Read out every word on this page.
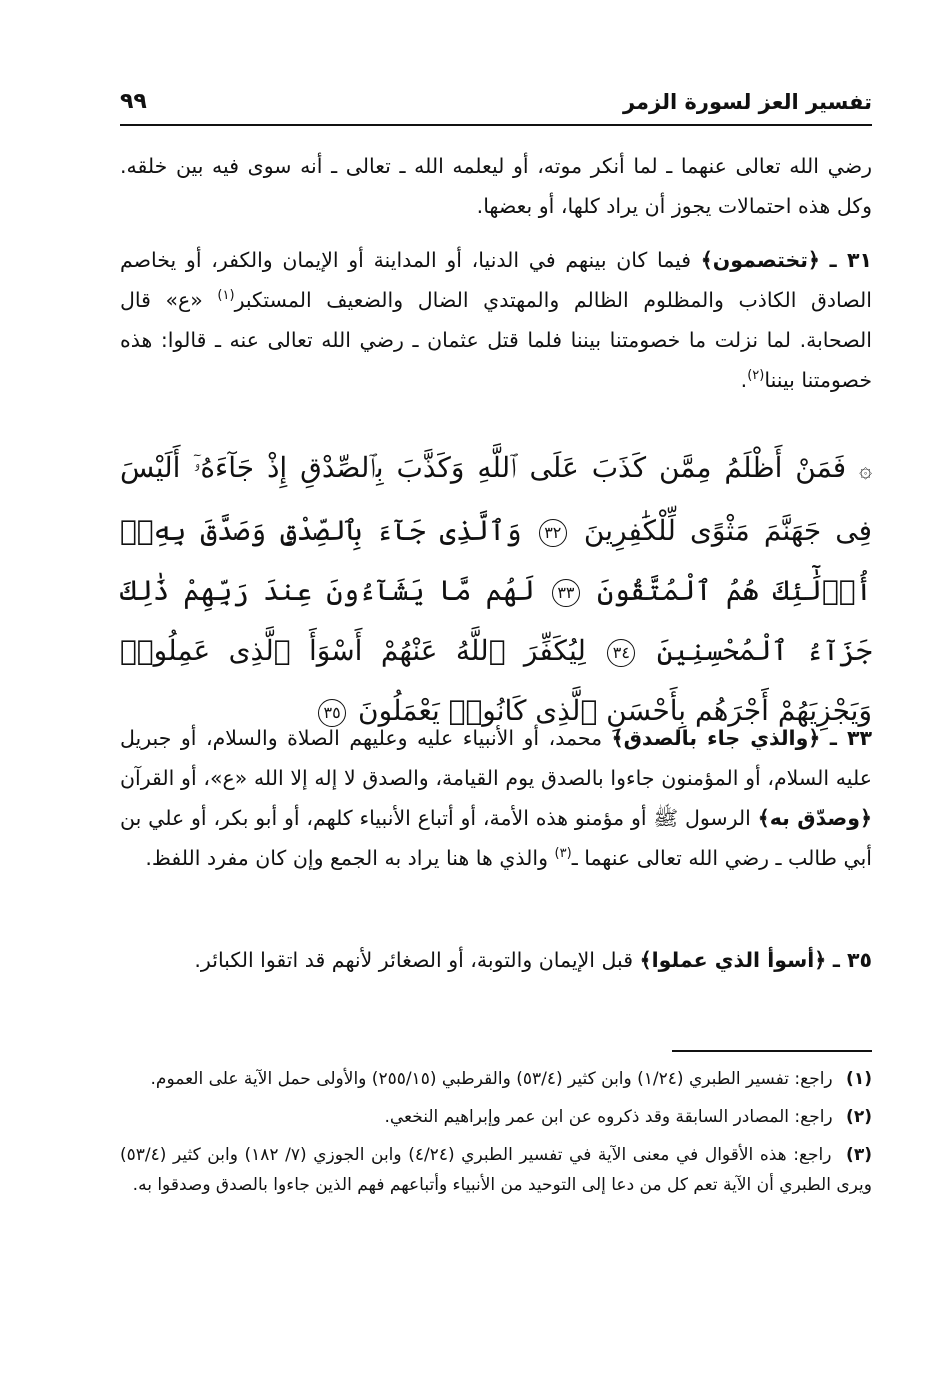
تفسير العز لسورة الزمر
٩٩

رضي الله تعالى عنهما ـ لما أنكر موته، أو ليعلمه الله ـ تعالى ـ أنه سوى فيه بين خلقه. وكل هذه احتمالات يجوز أن يراد كلها، أو بعضها.

٣١ ـ ﴿تختصمون﴾ فيما كان بينهم في الدنيا، أو المداينة أو الإيمان والكفر، أو يخاصم الصادق الكاذب والمظلوم الظالم والمهتدي الضال والضعيف المستكبر$^{(١)}$ «ع» قال الصحابة. لما نزلت ما خصومتنا بيننا فلما قتل عثمان ـ رضي الله تعالى عنه ـ قالوا: هذه خصومتنا بيننا$^{(٢)}$.

۞ فَمَنْ أَظْلَمُ مِمَّن كَذَبَ عَلَى ٱللَّهِ وَكَذَّبَ بِٱلصِّدْقِ إِذْ جَآءَهُۥٓ أَلَيْسَ فِى جَهَنَّمَ مَثْوًى لِّلْكَٰفِرِينَ ٣٢ وَٱلَّذِى جَآءَ بِٱلصِّدْقِ وَصَدَّقَ بِهِۦٓ أُو۟لَٰٓئِكَ هُمُ ٱلْمُتَّقُونَ ٣٣ لَهُم مَّا يَشَآءُونَ عِندَ رَبِّهِمْ ذَٰلِكَ جَزَآءُ ٱلْمُحْسِنِينَ ٣٤ لِيُكَفِّرَ ٱللَّهُ عَنْهُمْ أَسْوَأَ ٱلَّذِى عَمِلُوا۟ وَيَجْزِيَهُمْ أَجْرَهُم بِأَحْسَنِ ٱلَّذِى كَانُوا۟ يَعْمَلُونَ ٣٥

٣٣ ـ ﴿والذي جاء بالصدق﴾ محمد، أو الأنبياء عليه وعليهم الصلاة والسلام، أو جبريل عليه السلام، أو المؤمنون جاءوا بالصدق يوم القيامة، والصدق لا إله إلا الله «ع»، أو القرآن ﴿وصدّق به﴾ الرسول ﷺ أو مؤمنو هذه الأمة، أو أتباع الأنبياء كلهم، أو أبو بكر، أو علي بن أبي طالب ـ رضي الله تعالى عنهما ـ$^{(٣)}$ والذي ها هنا يراد به الجمع وإن كان مفرد اللفظ.

٣٥ ـ ﴿أسوأ الذي عملوا﴾ قبل الإيمان والتوبة، أو الصغائر لأنهم قد اتقوا الكبائر.

(١) راجع: تفسير الطبري (١/٢٤) وابن كثير (٥٣/٤) والقرطبي (٢٥٥/١٥) والأولى حمل الآية على العموم.

(٢) راجع: المصادر السابقة وقد ذكروه عن ابن عمر وإبراهيم النخعي.

(٣) راجع: هذه الأقوال في معنى الآية في تفسير الطبري (٤/٢٤) وابن الجوزي (٧/ ١٨٢) وابن كثير (٥٣/٤) ويرى الطبري أن الآية تعم كل من دعا إلى التوحيد من الأنبياء وأتباعهم فهم الذين جاءوا بالصدق وصدقوا به.
